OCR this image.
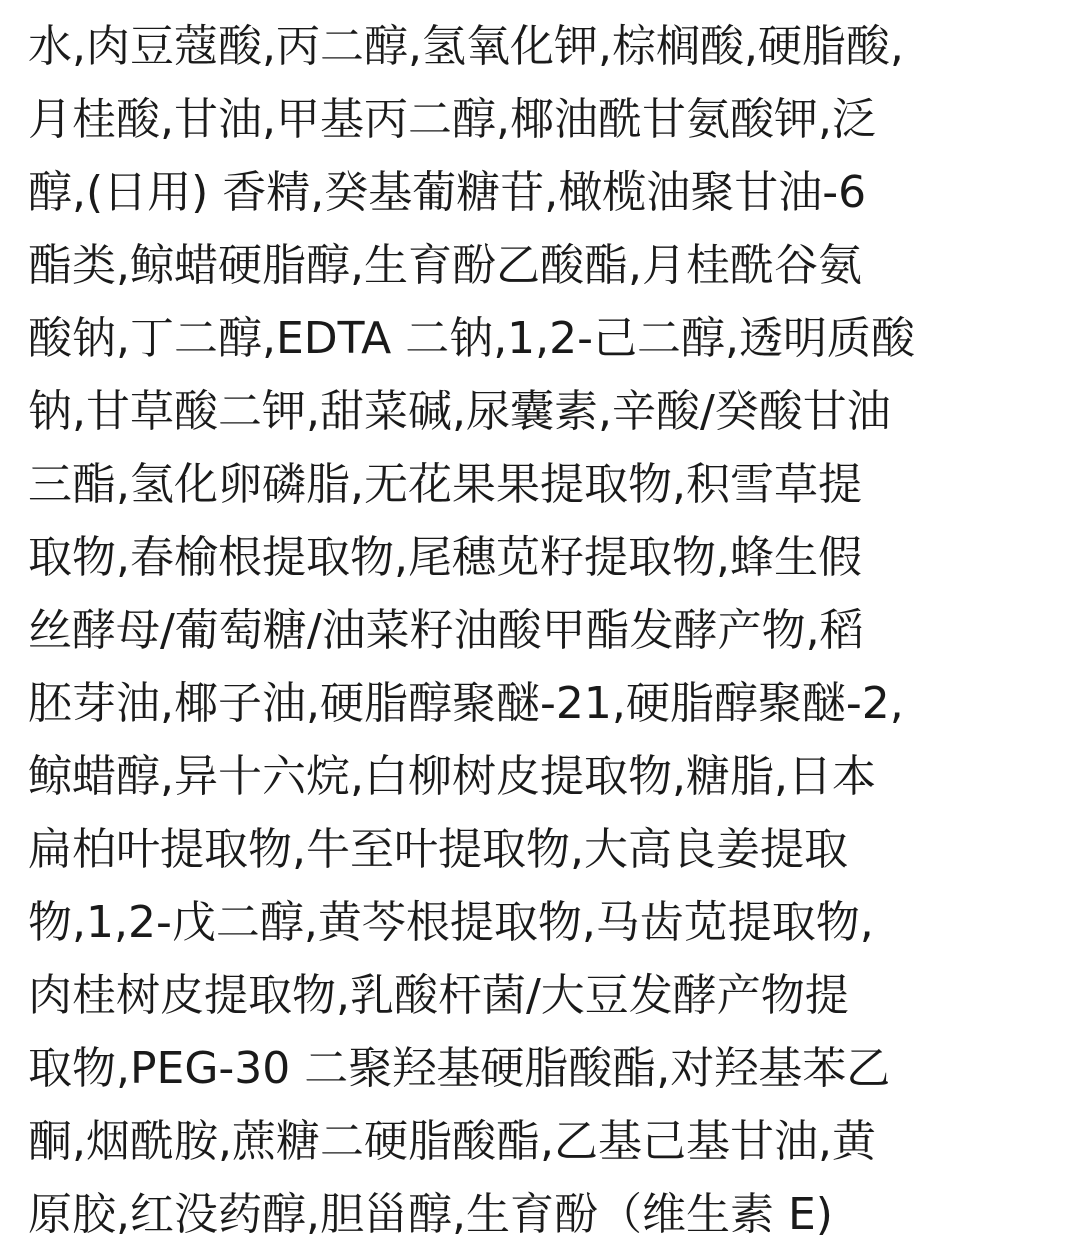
水,肉豆蔻酸,丙二醇,氢氧化钾,棕榈酸,硬脂酸,
月桂酸,甘油,甲基丙二醇,椰油酰甘氨酸钾,泛
醇,(日用) 香精,癸基葡糖苷,橄榄油聚甘油-6
酯类,鲸蜡硬脂醇,生育酚乙酸酯,月桂酰谷氨
酸钠,丁二醇,EDTA 二钠,1,2-己二醇,透明质酸
钠,甘草酸二钾,甜菜碱,尿囊素,辛酸/癸酸甘油
三酯,氢化卵磷脂,无花果果提取物,积雪草提
取物,春榆根提取物,尾穗苋籽提取物,蜂生假
丝酵母/葡萄糖/油菜籽油酸甲酯发酵产物,稻
胚芽油,椰子油,硬脂醇聚醚-21,硬脂醇聚醚-2,
鲸蜡醇,异十六烷,白柳树皮提取物,糖脂,日本
扁柏叶提取物,牛至叶提取物,大高良姜提取
物,1,2-戊二醇,黄芩根提取物,马齿苋提取物,
肉桂树皮提取物,乳酸杆菌/大豆发酵产物提
取物,PEG-30 二聚羟基硬脂酸酯,对羟基苯乙
酮,烟酰胺,蔗糖二硬脂酸酯,乙基己基甘油,黄
原胶,红没药醇,胆甾醇,生育酚（维生素 E)
